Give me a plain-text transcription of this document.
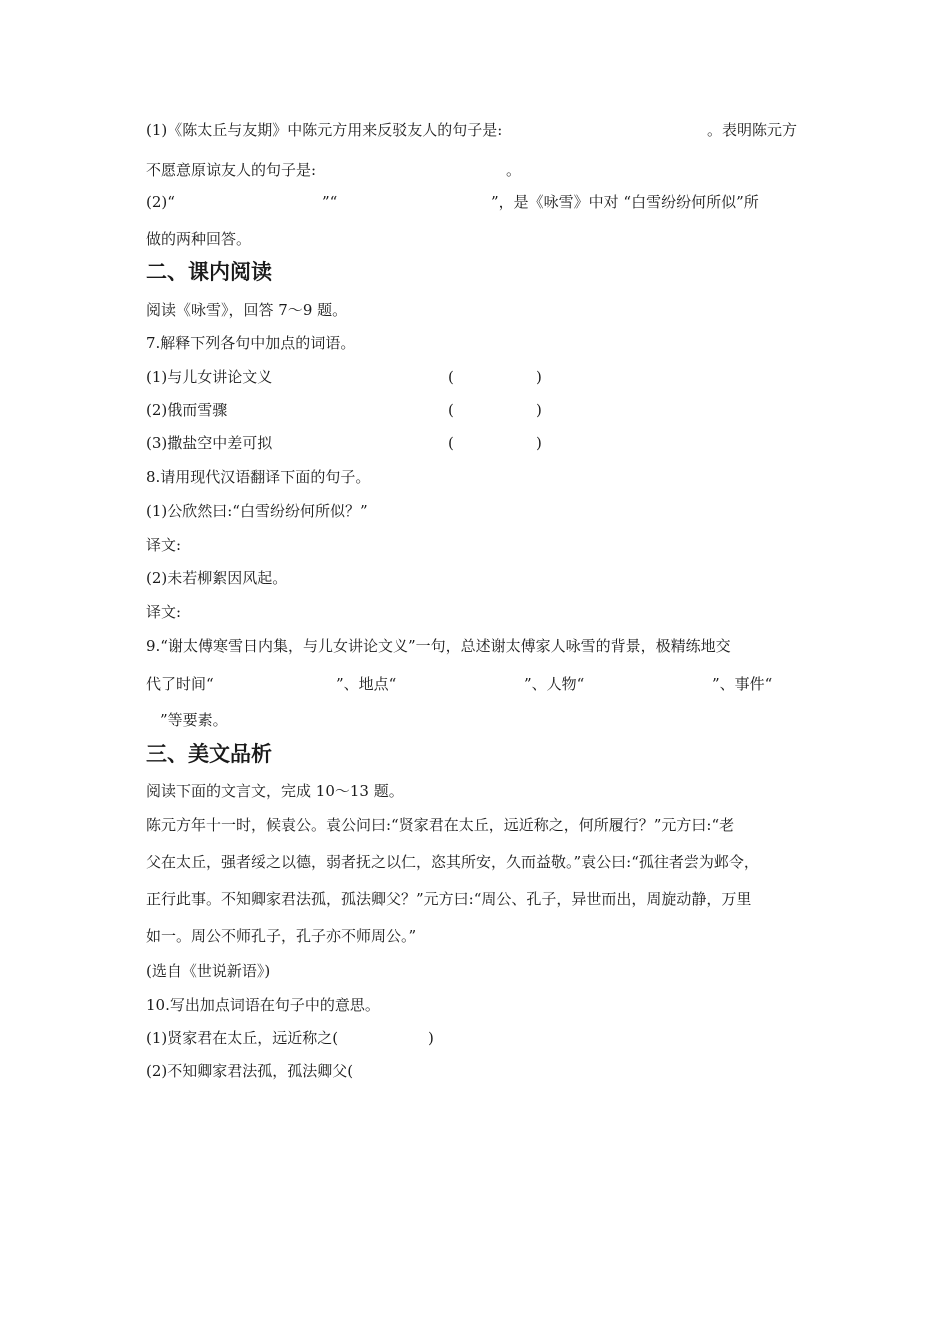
(1)《陈太丘与友期》中陈元方用来反驳友人的句子是:	。表明陈元方
不愿意原谅友人的句子是:	。
(2)“	”“	”，是《咏雪》中对 “白雪纷纷何所似”所
做的两种回答。
二、课内阅读
阅读《咏雪》，回答 7～9 题。
7.解释下列各句中加点的词语。
(1)与儿女讲论文义	(	)
(2)俄而雪骤	(	)
(3)撒盐空中差可拟	(	)
8.请用现代汉语翻译下面的句子。
(1)公欣然曰:“白雪纷纷何所似？”
译文:
(2)未若柳絮因风起。
译文:
9.“谢太傅寒雪日内集，与儿女讲论文义”一句，总述谢太傅家人咏雪的背景，极精练地交
代了时间“	”、地点“	”、人物“	”、事件“
”等要素。
三、美文品析
阅读下面的文言文，完成 10～13 题。
陈元方年十一时，候袁公。袁公问曰:“贤家君在太丘，远近称之，何所履行？”元方曰:“老
父在太丘，强者绥之以德，弱者抚之以仁，恣其所安，久而益敬。”袁公曰:“孤往者尝为邺令，
正行此事。不知卿家君法孤，孤法卿父？”元方曰:“周公、孔子，异世而出，周旋动静，万里
如一。周公不师孔子，孔子亦不师周公。”
(选自《世说新语》)
10.写出加点词语在句子中的意思。
(1)贤家君在太丘，远近称之(	)
(2)不知卿家君法孤，孤法卿父(
